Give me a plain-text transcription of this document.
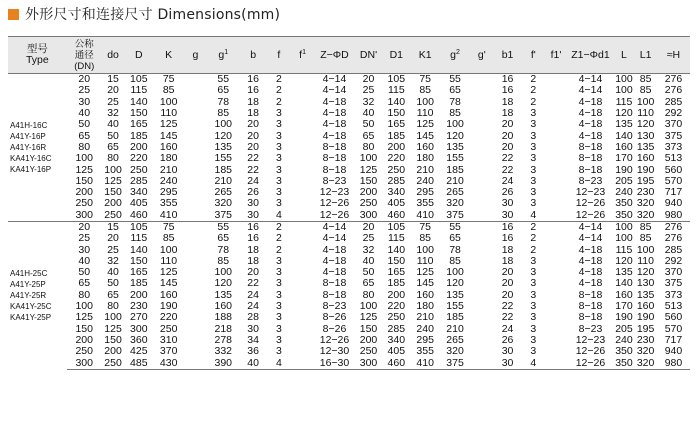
外形尺寸和连接尺寸 Dimensions(mm)
型号
Type	公称
通径
(DN)	do	D	K	g	$g^1$	b	f	$f^1$	Z−ΦD	DN'	D1	K1	$g^2$	g'	b1	f'	f1'	Z1−Φd1	L	L1	≈H

A41H-16C
A41Y-16P
A41Y-16R
KA41Y-16C
KA41Y-16P	20	15	105	75		55	16	2		4−14	20	105	75	55		16	2		4−14	100	85	276
	25	20	115	85		65	16	2		4−14	25	115	85	65		16	2		4−14	100	85	276
	30	25	140	100		78	18	2		4−18	32	140	100	78		18	2		4−18	115	100	285
	40	32	150	110		85	18	3		4−18	40	150	110	85		18	3		4−18	120	110	292
	50	40	165	125		100	20	3		4−18	50	165	125	100		20	3		4−18	135	120	370
	65	50	185	145		120	20	3		4−18	65	185	145	120		20	3		4−18	140	130	375
	80	65	200	160		135	20	3		8−18	80	200	160	135		20	3		8−18	160	135	373
	100	80	220	180		155	22	3		8−18	100	220	180	155		22	3		8−18	170	160	513
	125	100	250	210		185	22	3		8−18	125	250	210	185		22	3		8−18	190	190	560
	150	125	285	240		210	24	3		8−23	150	285	240	210		24	3		8−23	205	195	570
	200	150	340	295		265	26	3		12−23	200	340	295	265		26	3		12−23	240	230	717
	250	200	405	355		320	30	3		12−26	250	405	355	320		30	3		12−26	350	320	940
	300	250	460	410		375	30	4		12−26	300	460	410	375		30	4		12−26	350	320	980

A41H-25C
A41Y-25P
A41Y-25R
KA41Y-25C
KA41Y-25P	20	15	105	75		55	16	2		4−14	20	105	75	55		16	2		4−14	100	85	276
	25	20	115	85		65	16	2		4−14	25	115	85	65		16	2		4−14	100	85	276
	30	25	140	100		78	18	2		4−18	32	140	100	78		18	2		4−18	115	100	285
	40	32	150	110		85	18	3		4−18	40	150	110	85		18	3		4−18	120	110	292
	50	40	165	125		100	20	3		4−18	50	165	125	100		20	3		4−18	135	120	370
	65	50	185	145		120	22	3		8−18	65	185	145	120		20	3		4−18	140	130	375
	80	65	200	160		135	24	3		8−18	80	200	160	135		20	3		8−18	160	135	373
	100	80	230	190		160	24	3		8−23	100	220	180	155		22	3		8−18	170	160	513
	125	100	270	220		188	28	3		8−26	125	250	210	185		22	3		8−18	190	190	560
	150	125	300	250		218	30	3		8−26	150	285	240	210		24	3		8−23	205	195	570
	200	150	360	310		278	34	3		12−26	200	340	295	265		26	3		12−23	240	230	717
	250	200	425	370		332	36	3		12−30	250	405	355	320		30	3		12−26	350	320	940
	300	250	485	430		390	40	4		16−30	300	460	410	375		30	4		12−26	350	320	980
